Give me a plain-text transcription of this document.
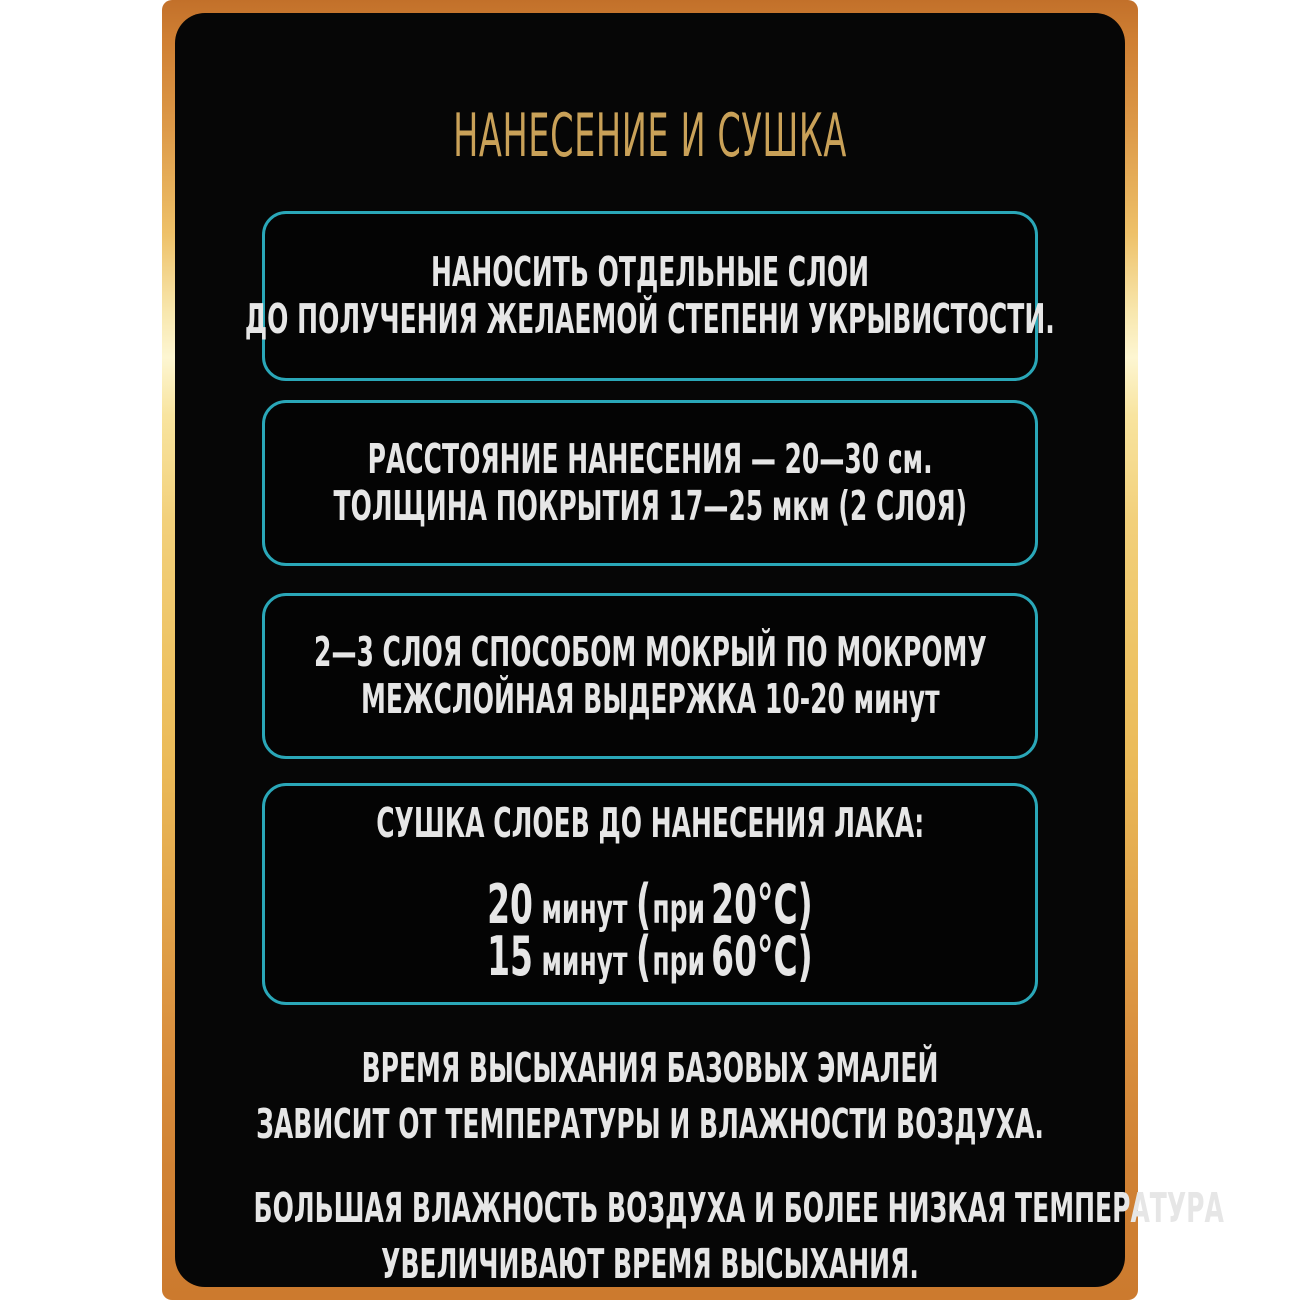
НАНЕСЕНИЕ И СУШКА
НАНОСИТЬ ОТДЕЛЬНЫЕ СЛОИ
ДО ПОЛУЧЕНИЯ ЖЕЛАЕМОЙ СТЕПЕНИ УКРЫВИСТОСТИ.
РАССТОЯНИЕ НАНЕСЕНИЯ — 20—30 см.
ТОЛЩИНА ПОКРЫТИЯ 17—25 мкм (2 СЛОЯ)
2—3 СЛОЯ СПОСОБОМ МОКРЫЙ ПО МОКРОМУ
МЕЖСЛОЙНАЯ ВЫДЕРЖКА 10-20 минут
СУШКА СЛОЕВ ДО НАНЕСЕНИЯ ЛАКА:
20 минут ( при 20°C)
15 минут ( при 60°C)
ВРЕМЯ ВЫСЫХАНИЯ БАЗОВЫХ ЭМАЛЕЙ
ЗАВИСИТ ОТ ТЕМПЕРАТУРЫ И ВЛАЖНОСТИ ВОЗДУХА.
БОЛЬШАЯ ВЛАЖНОСТЬ ВОЗДУХА И БОЛЕЕ НИЗКАЯ ТЕМПЕРАТУРА
УВЕЛИЧИВАЮТ ВРЕМЯ ВЫСЫХАНИЯ.
